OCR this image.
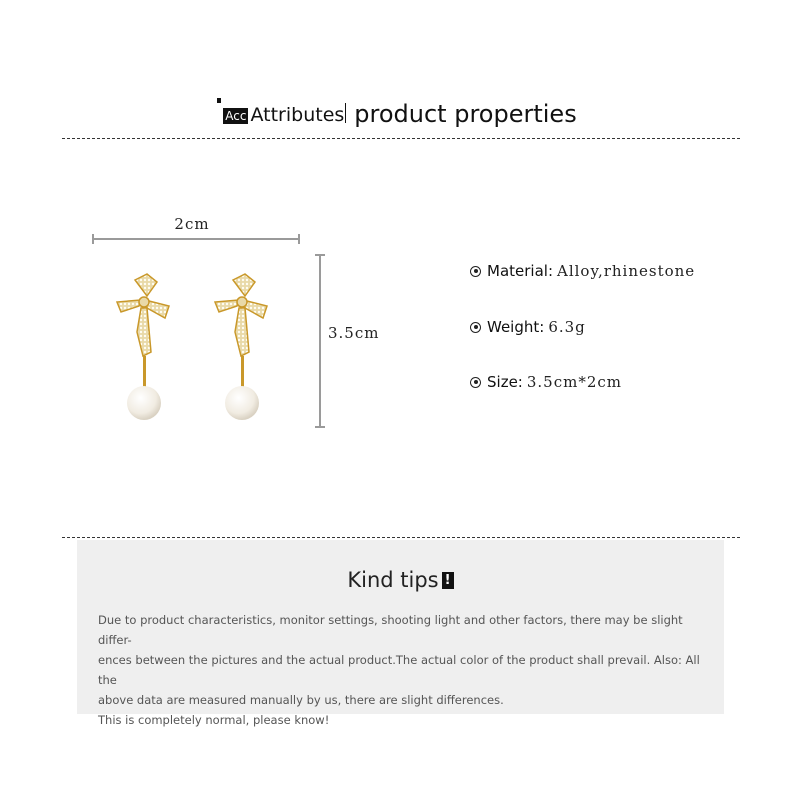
Acc Attributes product properties
2cm
3.5cm
Material : Alloy,rhinestone
Weight : 6.3g
Size : 3.5cm*2cm
Kind tips !

Due to product characteristics, monitor settings, shooting light and other factors, there may be slight differ-

ences between the pictures and the actual product.The actual color of the product shall prevail. Also: All the

above data are measured manually by us, there are slight differences.

This is completely normal, please know!
